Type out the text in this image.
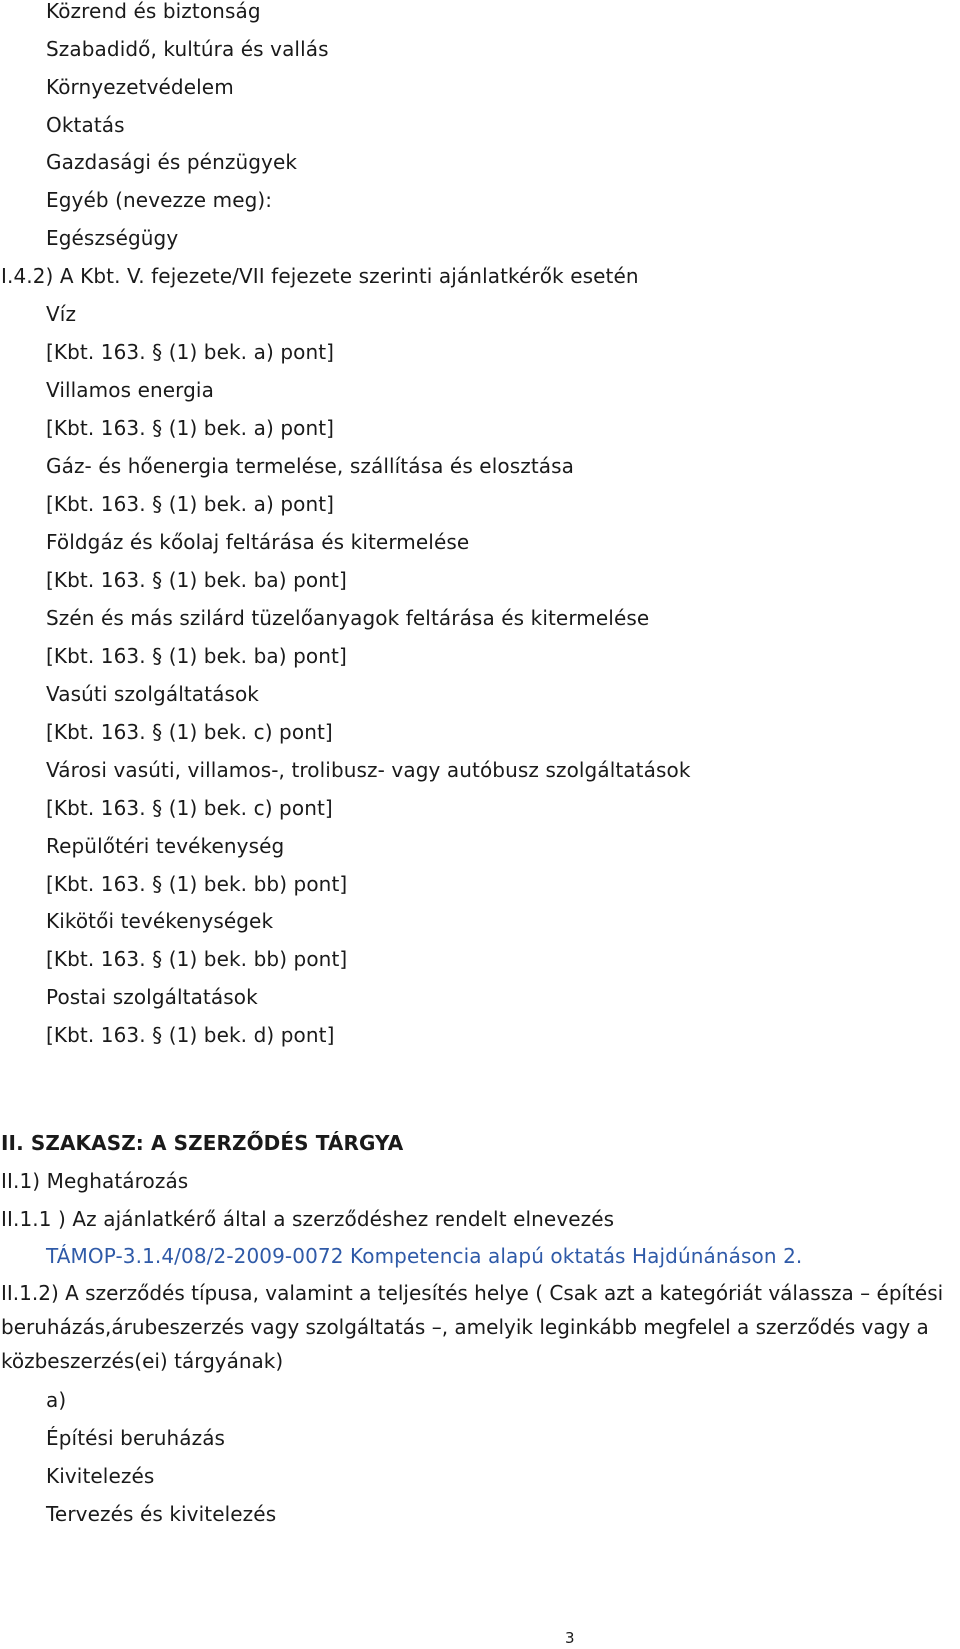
Közrend és biztonság
Szabadidő, kultúra és vallás
Környezetvédelem
Oktatás
Gazdasági és pénzügyek
Egyéb (nevezze meg):
Egészségügy
I.4.2) A Kbt. V. fejezete/VII fejezete szerinti ajánlatkérők esetén
Víz
[Kbt. 163. § (1) bek. a) pont]
Villamos energia
[Kbt. 163. § (1) bek. a) pont]
Gáz- és hőenergia termelése, szállítása és elosztása
[Kbt. 163. § (1) bek. a) pont]
Földgáz és kőolaj feltárása és kitermelése
[Kbt. 163. § (1) bek. ba) pont]
Szén és más szilárd tüzelőanyagok feltárása és kitermelése
[Kbt. 163. § (1) bek. ba) pont]
Vasúti szolgáltatások
[Kbt. 163. § (1) bek. c) pont]
Városi vasúti, villamos-, trolibusz- vagy autóbusz szolgáltatások
[Kbt. 163. § (1) bek. c) pont]
Repülőtéri tevékenység
[Kbt. 163. § (1) bek. bb) pont]
Kikötői tevékenységek
[Kbt. 163. § (1) bek. bb) pont]
Postai szolgáltatások
[Kbt. 163. § (1) bek. d) pont]
II. SZAKASZ: A SZERZŐDÉS TÁRGYA
II.1) Meghatározás
II.1.1 ) Az ajánlatkérő által a szerződéshez rendelt elnevezés
TÁMOP-3.1.4/08/2-2009-0072 Kompetencia alapú oktatás Hajdúnánáson 2.
II.1.2) A szerződés típusa, valamint a teljesítés helye ( Csak azt a kategóriát válassza – építési beruházás,árubeszerzés vagy szolgáltatás –, amelyik leginkább megfelel a szerződés vagy a közbeszerzés(ei) tárgyának)
a)
Építési beruházás
Kivitelezés
Tervezés és kivitelezés
3
